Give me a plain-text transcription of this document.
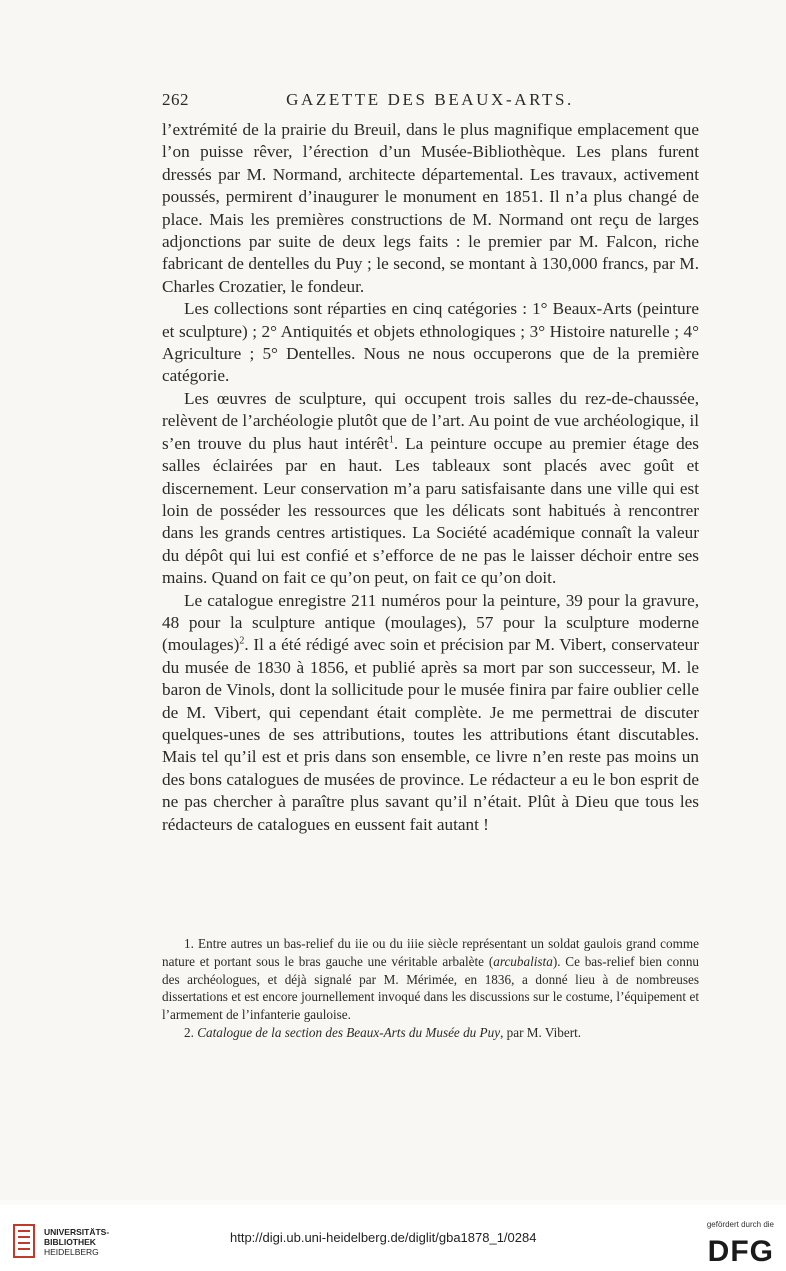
262	GAZETTE DES BEAUX-ARTS.

l’extrémité de la prairie du Breuil, dans le plus magnifique emplacement que l’on puisse rêver, l’érection d’un Musée-Bibliothèque. Les plans furent dressés par M. Normand, architecte départemental. Les travaux, activement poussés, permirent d’inaugurer le monument en 1851. Il n’a plus changé de place. Mais les premières constructions de M. Normand ont reçu de larges adjonctions par suite de deux legs faits : le premier par M. Falcon, riche fabricant de dentelles du Puy ; le second, se montant à 130,000 francs, par M. Charles Crozatier, le fondeur.

Les collections sont réparties en cinq catégories : 1° Beaux-Arts (peinture et sculpture) ; 2° Antiquités et objets ethnologiques ; 3° Histoire naturelle ; 4° Agriculture ; 5° Dentelles. Nous ne nous occuperons que de la première catégorie.

Les œuvres de sculpture, qui occupent trois salles du rez-de-chaussée, relèvent de l’archéologie plutôt que de l’art. Au point de vue archéologique, il s’en trouve du plus haut intérêt$^1$. La peinture occupe au premier étage des salles éclairées par en haut. Les tableaux sont placés avec goût et discernement. Leur conservation m’a paru satisfaisante dans une ville qui est loin de posséder les ressources que les délicats sont habitués à rencontrer dans les grands centres artistiques. La Société académique connaît la valeur du dépôt qui lui est confié et s’efforce de ne pas le laisser déchoir entre ses mains. Quand on fait ce qu’on peut, on fait ce qu’on doit.

Le catalogue enregistre 211 numéros pour la peinture, 39 pour la gravure, 48 pour la sculpture antique (moulages), 57 pour la sculpture moderne (moulages)$^2$. Il a été rédigé avec soin et précision par M. Vibert, conservateur du musée de 1830 à 1856, et publié après sa mort par son successeur, M. le baron de Vinols, dont la sollicitude pour le musée finira par faire oublier celle de M. Vibert, qui cependant était complète. Je me permettrai de discuter quelques-unes de ses attributions, toutes les attributions étant discutables. Mais tel qu’il est et pris dans son ensemble, ce livre n’en reste pas moins un des bons catalogues de musées de province. Le rédacteur a eu le bon esprit de ne pas chercher à paraître plus savant qu’il n’était. Plût à Dieu que tous les rédacteurs de catalogues en eussent fait autant !

1. Entre autres un bas-relief du iie ou du iiie siècle représentant un soldat gaulois grand comme nature et portant sous le bras gauche une véritable arbalète (arcubalista). Ce bas-relief bien connu des archéologues, et déjà signalé par M. Mérimée, en 1836, a donné lieu à de nombreuses dissertations et est encore journellement invoqué dans les discussions sur le costume, l’équipement et l’armement de l’infanterie gauloise.

2. Catalogue de la section des Beaux-Arts du Musée du Puy, par M. Vibert.

UNIVERSITÄTS-
BIBLIOTHEK
HEIDELBERG
http://digi.ub.uni-heidelberg.de/diglit/gba1878_1/0284
gefördert durch die
DFG
